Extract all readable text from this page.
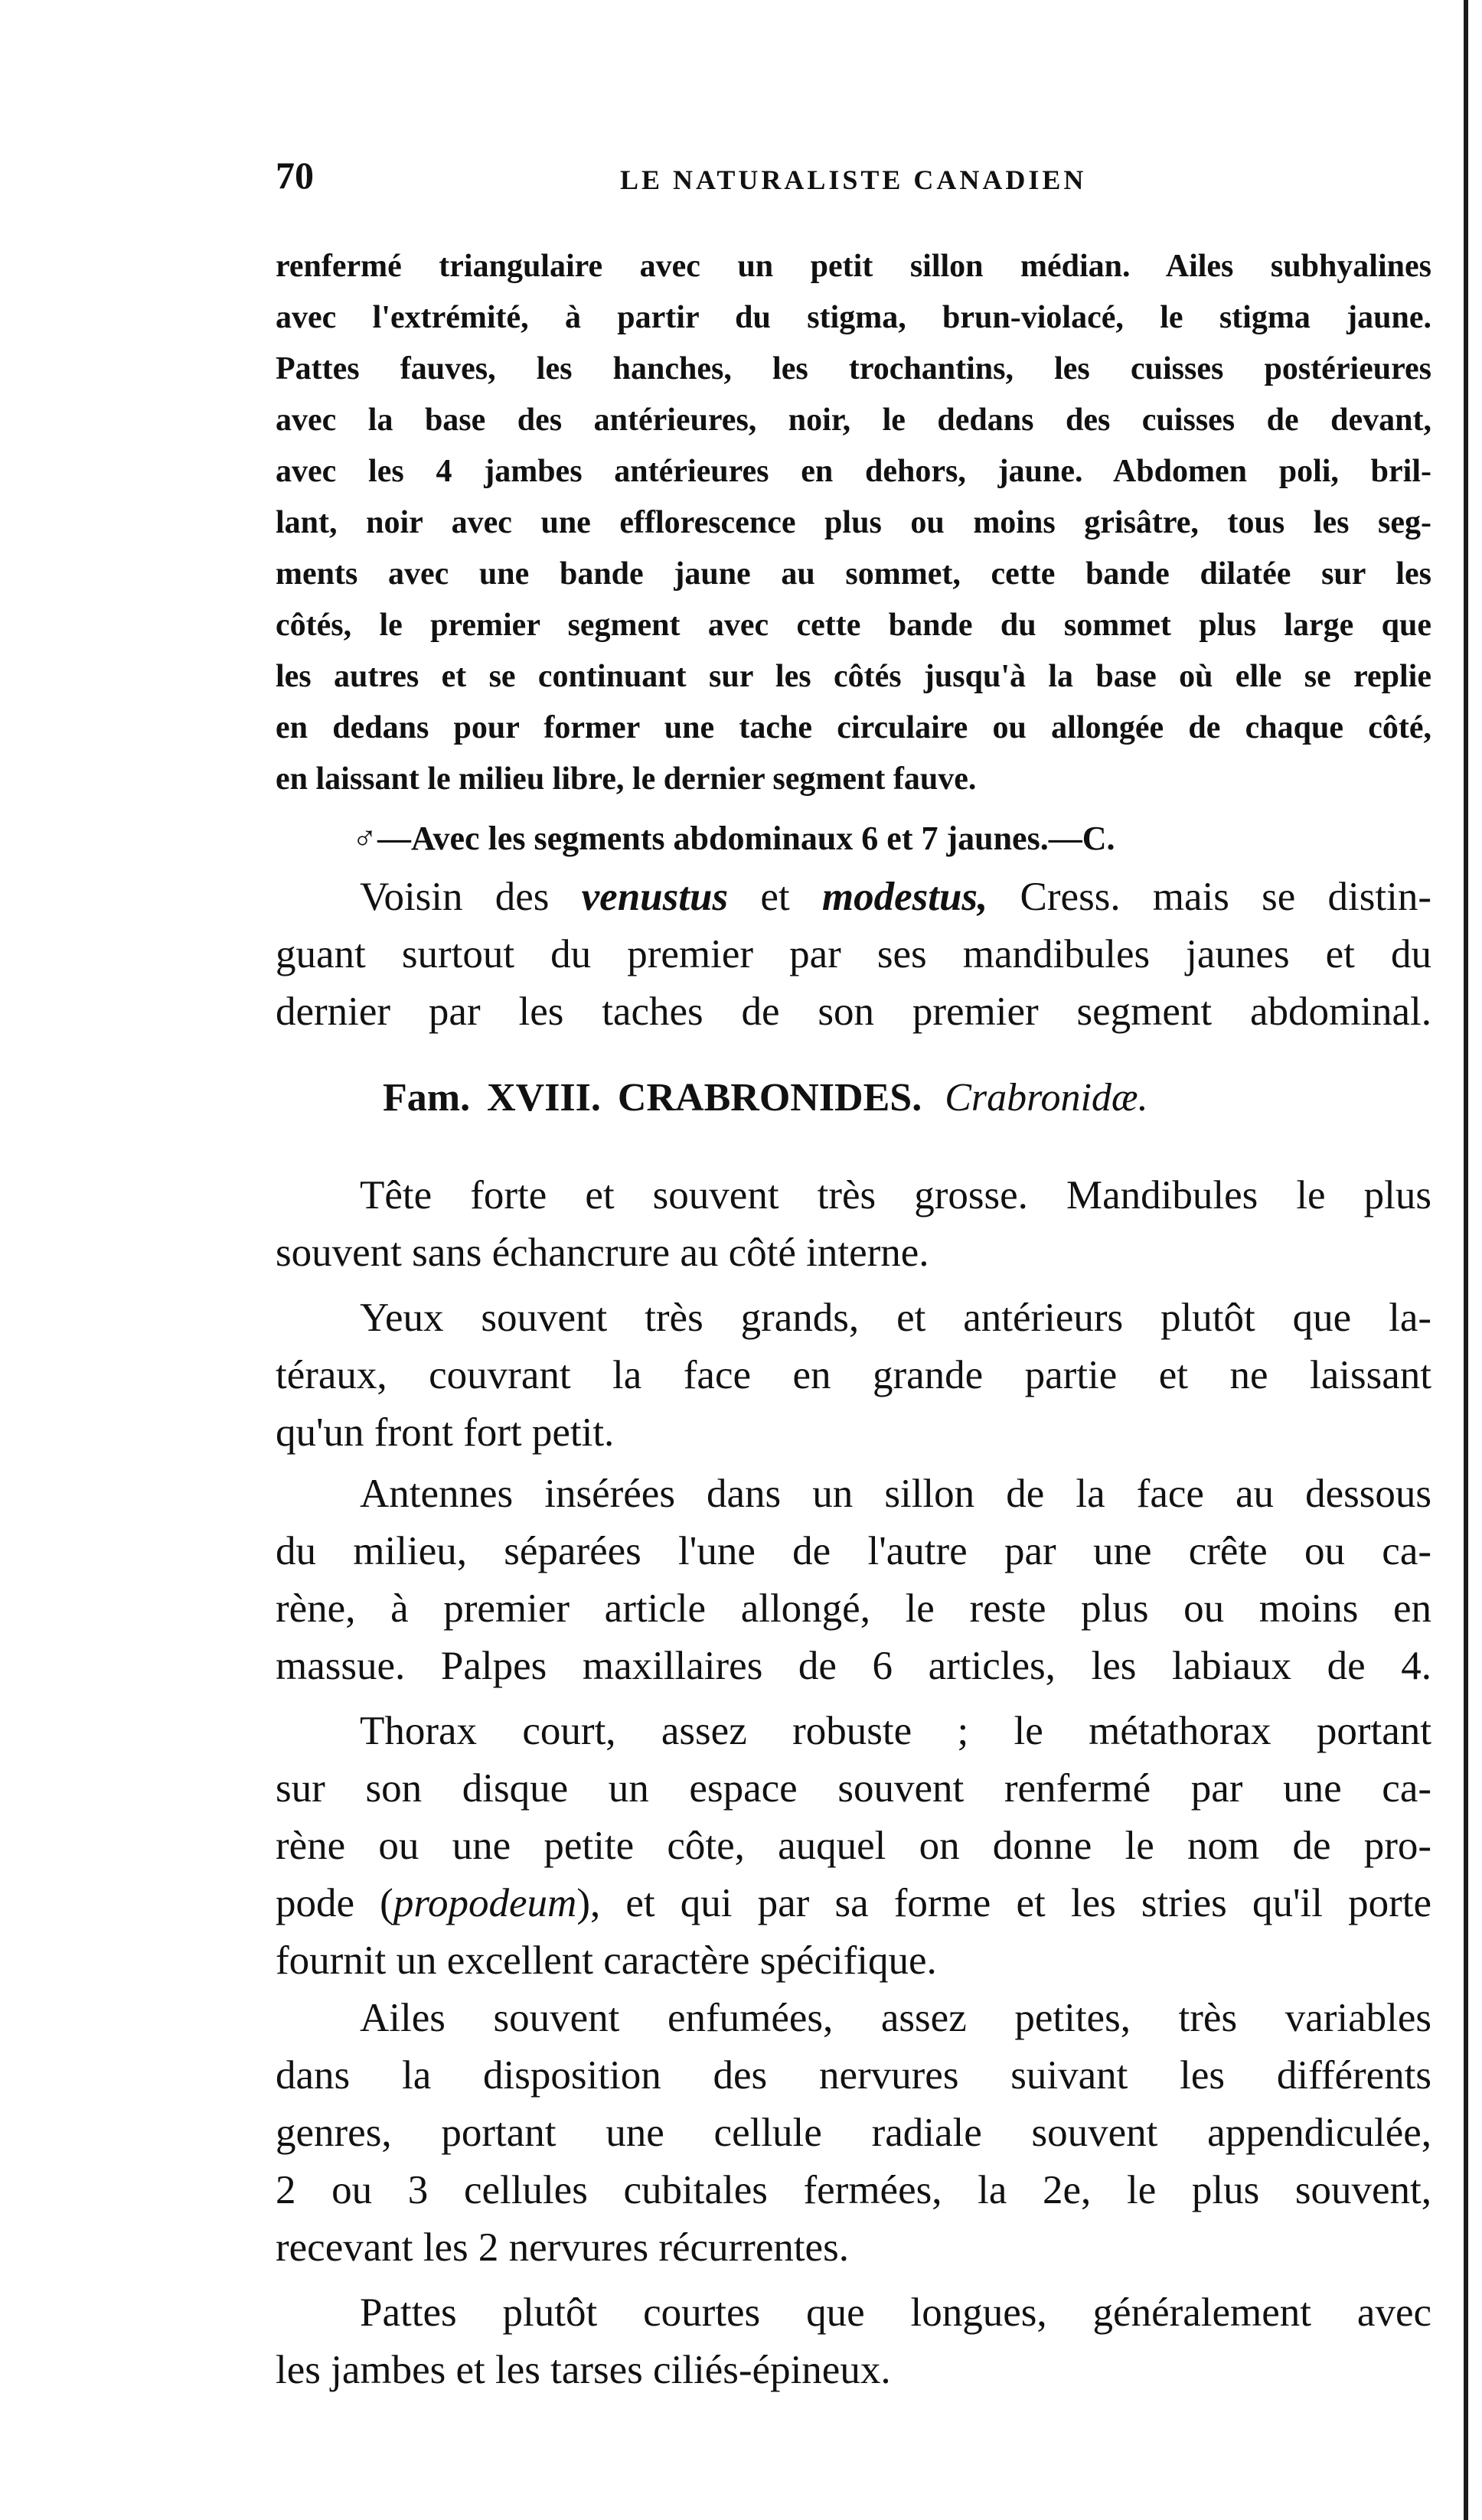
70	LE NATURALISTE CANADIEN
renfermé triangulaire avec un petit sillon médian. Ailes subhyalines
avec l'extrémité, à partir du stigma, brun-violacé, le stigma jaune.
Pattes fauves, les hanches, les trochantins, les cuisses postérieures
avec la base des antérieures, noir, le dedans des cuisses de devant,
avec les 4 jambes antérieures en dehors, jaune. Abdomen poli, bril-
lant, noir avec une efflorescence plus ou moins grisâtre, tous les seg-
ments avec une bande jaune au sommet, cette bande dilatée sur les
côtés, le premier segment avec cette bande du sommet plus large que
les autres et se continuant sur les côtés jusqu'à la base où elle se replie
en dedans pour former une tache circulaire ou allongée de chaque côté,
en laissant le milieu libre, le dernier segment fauve.
♂—Avec les segments abdominaux 6 et 7 jaunes.—C.
Voisin des venustus et modestus, Cress. mais se distin-
guant surtout du premier par ses mandibules jaunes et du
dernier par les taches de son premier segment abdominal.
Fam. XVIII. CRABRONIDES. Crabronidæ.
Tête forte et souvent très grosse. Mandibules le plus
souvent sans échancrure au côté interne.
Yeux souvent très grands, et antérieurs plutôt que la-
téraux, couvrant la face en grande partie et ne laissant
qu'un front fort petit.
Antennes insérées dans un sillon de la face au dessous
du milieu, séparées l'une de l'autre par une crête ou ca-
rène, à premier article allongé, le reste plus ou moins en
massue. Palpes maxillaires de 6 articles, les labiaux de 4.
Thorax court, assez robuste ; le métathorax portant
sur son disque un espace souvent renfermé par une ca-
rène ou une petite côte, auquel on donne le nom de pro-
pode (propodeum), et qui par sa forme et les stries qu'il porte
fournit un excellent caractère spécifique.
Ailes souvent enfumées, assez petites, très variables
dans la disposition des nervures suivant les différents
genres, portant une cellule radiale souvent appendiculée,
2 ou 3 cellules cubitales fermées, la 2e, le plus souvent,
recevant les 2 nervures récurrentes.
Pattes plutôt courtes que longues, généralement avec
les jambes et les tarses ciliés-épineux.
